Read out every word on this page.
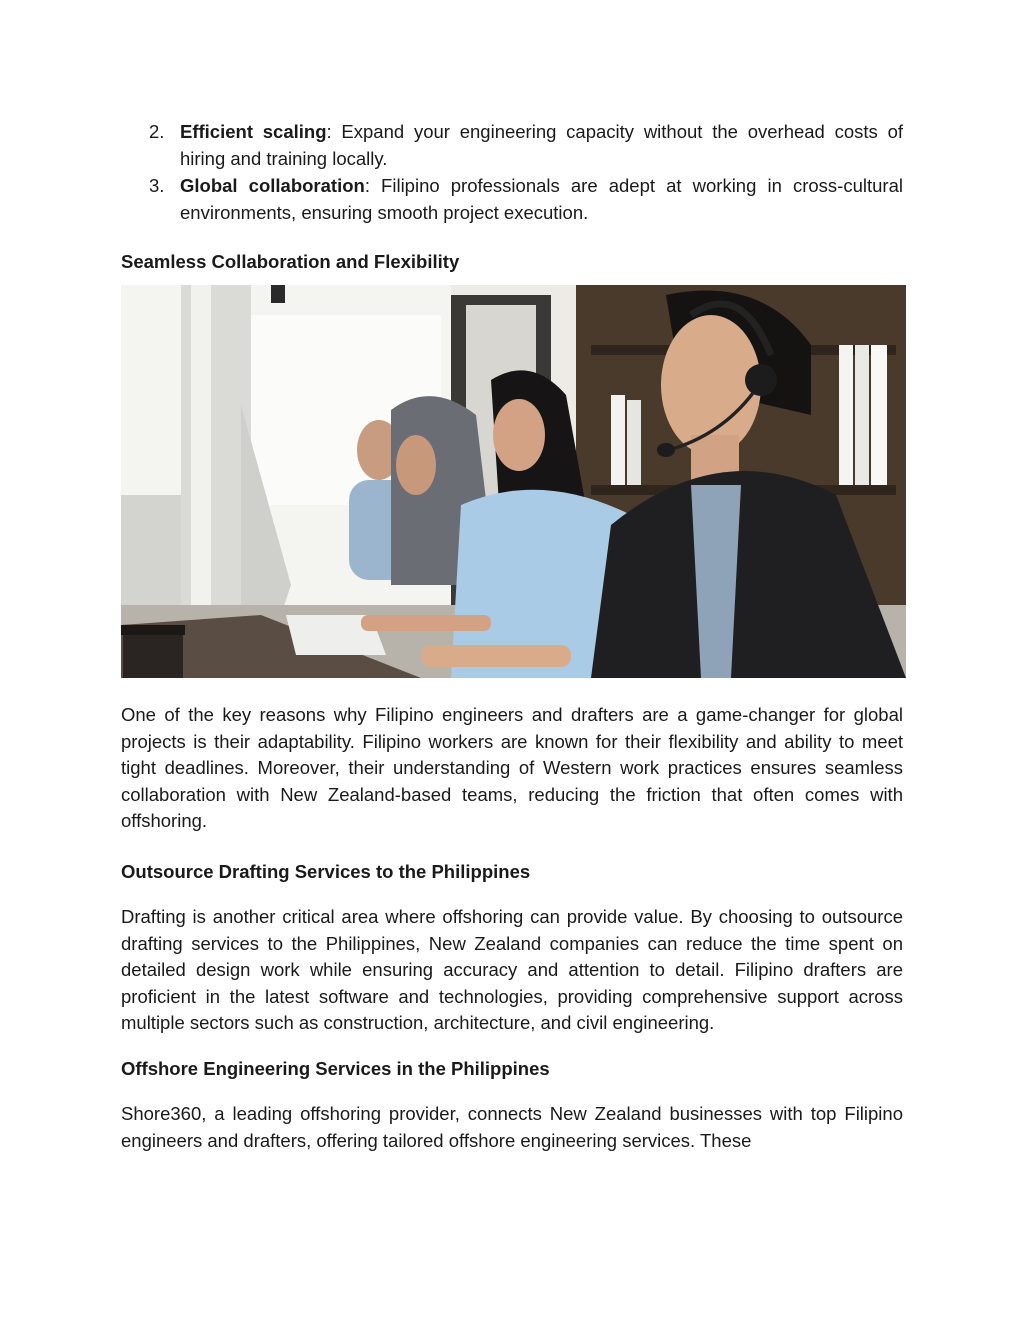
2. Efficient scaling: Expand your engineering capacity without the overhead costs of hiring and training locally.
3. Global collaboration: Filipino professionals are adept at working in cross-cultural environments, ensuring smooth project execution.
Seamless Collaboration and Flexibility

One of the key reasons why Filipino engineers and drafters are a game-changer for global projects is their adaptability. Filipino workers are known for their flexibility and ability to meet tight deadlines. Moreover, their understanding of Western work practices ensures seamless collaboration with New Zealand-based teams, reducing the friction that often comes with offshoring.

Outsource Drafting Services to the Philippines

Drafting is another critical area where offshoring can provide value. By choosing to outsource drafting services to the Philippines, New Zealand companies can reduce the time spent on detailed design work while ensuring accuracy and attention to detail. Filipino drafters are proficient in the latest software and technologies, providing comprehensive support across multiple sectors such as construction, architecture, and civil engineering.

Offshore Engineering Services in the Philippines

Shore360, a leading offshoring provider, connects New Zealand businesses with top Filipino engineers and drafters, offering tailored offshore engineering services. These
